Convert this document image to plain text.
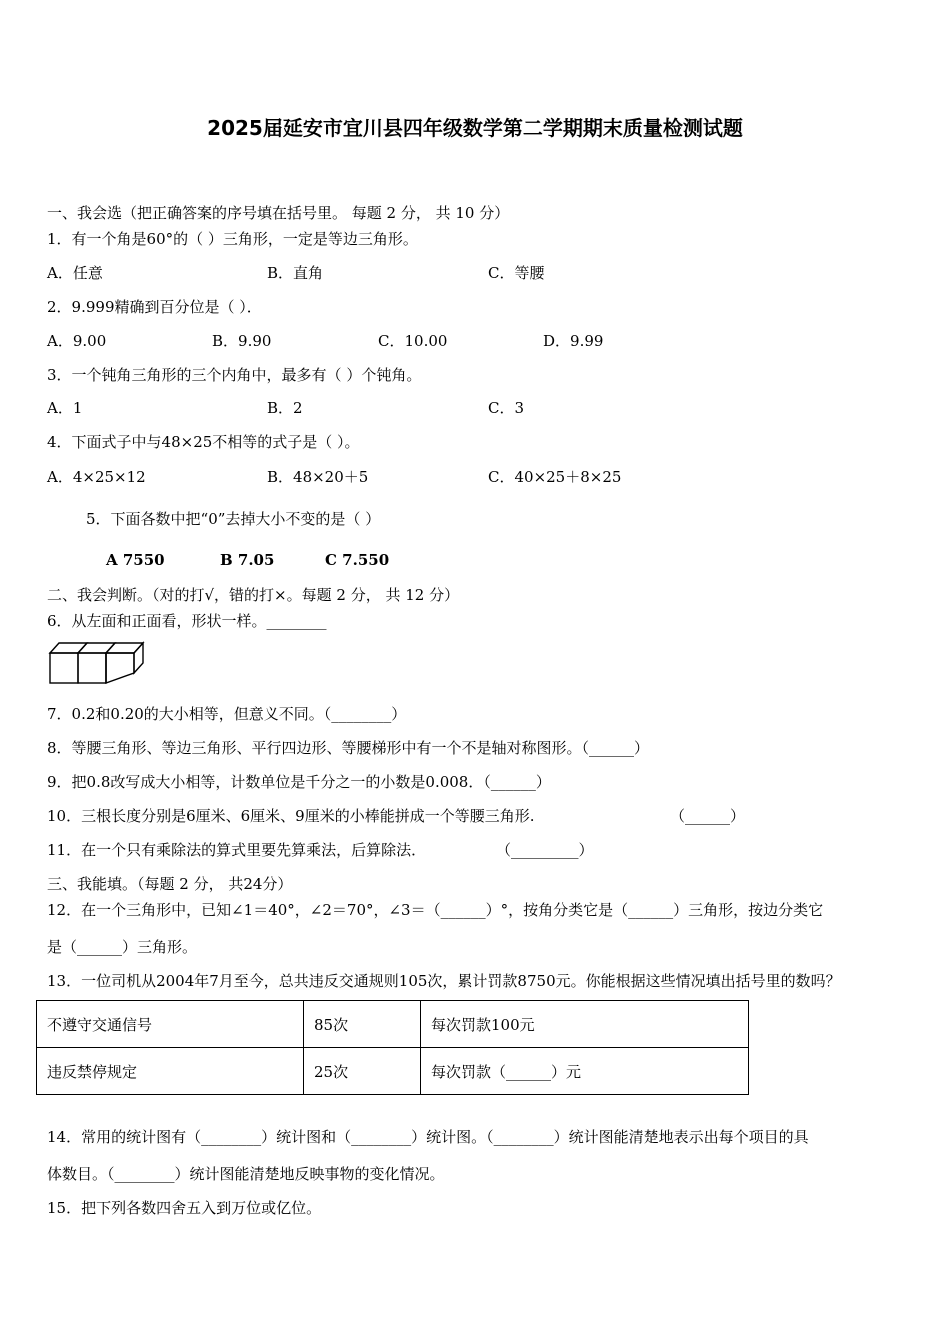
2025届延安市宜川县四年级数学第二学期期末质量检测试题
一、我会选（把正确答案的序号填在括号里。 每题 2 分， 共 10 分）
1．有一个角是60°的（ ）三角形，一定是等边三角形。
A．任意	B．直角	C．等腰
2．9.999精确到百分位是（ ）．
A．9.00	B．9.90	C．10.00	D．9.99
3．一个钝角三角形的三个内角中，最多有（ ）个钝角。
A．1	B．2	C．3
4．下面式子中与48×25不相等的式子是（ ）。
A．4×25×12	B．48×20＋5	C．40×25＋8×25
5．下面各数中把“0”去掉大小不变的是（ ）
A 7550	B 7.05	C 7.550
二、我会判断。（对的打√，错的打×。每题 2 分， 共 12 分）
6．从左面和正面看，形状一样。________
7．0.2和0.20的大小相等，但意义不同。（________）
8．等腰三角形、等边三角形、平行四边形、等腰梯形中有一个不是轴对称图形。（______）
9．把0.8改写成大小相等，计数单位是千分之一的小数是0.008．（______）
10．三根长度分别是6厘米、6厘米、9厘米的小棒能拼成一个等腰三角形.	（______）
11．在一个只有乘除法的算式里要先算乘法，后算除法．	（_________）
三、我能填。（每题 2 分， 共24分）
12．在一个三角形中，已知∠1＝40°，∠2＝70°，∠3＝（______）°，按角分类它是（______）三角形，按边分类它
是（______）三角形。
13．一位司机从2004年7月至今，总共违反交通规则105次，累计罚款8750元。你能根据这些情况填出括号里的数吗？
不遵守交通信号	85次	每次罚款100元
违反禁停规定	25次	每次罚款（______）元
14．常用的统计图有（________）统计图和（________）统计图。（________）统计图能清楚地表示出每个项目的具
体数目。（________）统计图能清楚地反映事物的变化情况。
15．把下列各数四舍五入到万位或亿位。
